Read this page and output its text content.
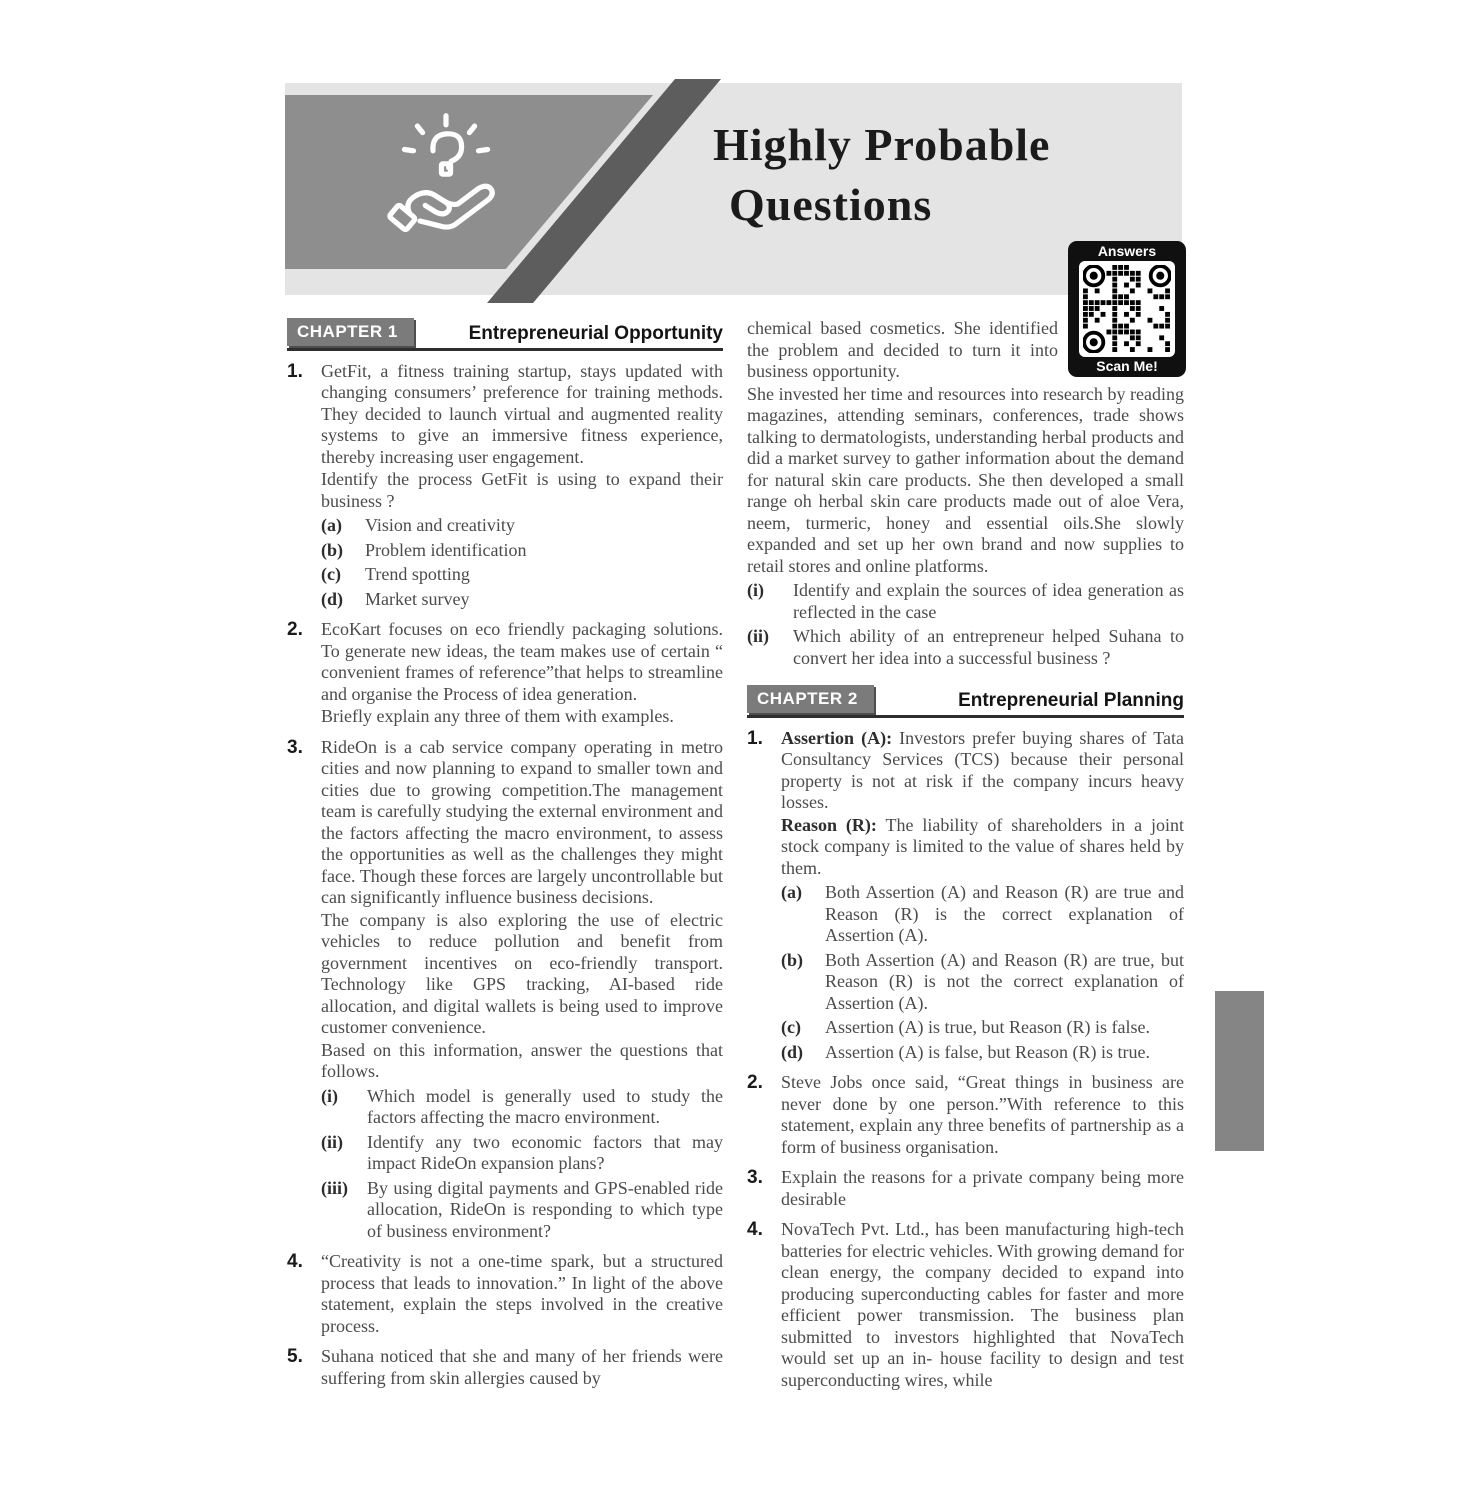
Highly Probable
Questions
Answers
Scan Me!
CHAPTER 1	Entrepreneurial Opportunity
1.	GetFit, a fitness training startup, stays updated with changing consumers’ preference for training methods. They decided to launch virtual and augmented reality systems to give an immersive fitness experience, thereby increasing user engagement.

Identify the process GetFit is using to expand their business ?

(a)	Vision and creativity
(b)	Problem identification
(c)	Trend spotting
(d)	Market survey
2.	EcoKart focuses on eco friendly packaging solutions. To generate new ideas, the team makes use of certain “ convenient frames of reference”that helps to streamline and organise the Process of idea generation.

Briefly explain any three of them with examples.

3.	RideOn is a cab service company operating in metro cities and now planning to expand to smaller town and cities due to growing competition.The management team is carefully studying the external environment and the factors affecting the macro environment, to assess the opportunities as well as the challenges they might face. Though these forces are largely uncontrollable but can significantly influence business decisions.

The company is also exploring the use of electric vehicles to reduce pollution and benefit from government incentives on eco-friendly transport. Technology like GPS tracking, AI-based ride allocation, and digital wallets is being used to improve customer convenience.

Based on this information, answer the questions that follows.

(i)	Which model is generally used to study the factors affecting the macro environment.
(ii)	Identify any two economic factors that may impact RideOn expansion plans?
(iii)	By using digital payments and GPS-enabled ride allocation, RideOn is responding to which type of business environment?
4.	“Creativity is not a one-time spark, but a structured process that leads to innovation.” In light of the above statement, explain the steps involved in the creative process.

5.	Suhana noticed that she and many of her friends were suffering from skin allergies caused by

chemical based cosmetics. She identified the problem and decided to turn it into business opportunity.

She invested her time and resources into research by reading magazines, attending seminars, conferences, trade shows talking to dermatologists, understanding herbal products and did a market survey to gather information about the demand for natural skin care products. She then developed a small range oh herbal skin care products made out of aloe Vera, neem, turmeric, honey and essential oils.She slowly expanded and set up her own brand and now supplies to retail stores and online platforms.

(i)	Identify and explain the sources of idea generation as reflected in the case
(ii)	Which ability of an entrepreneur helped Suhana to convert her idea into a successful business ?
CHAPTER 2	Entrepreneurial Planning
1.	Assertion (A): Investors prefer buying shares of Tata Consultancy Services (TCS) because their personal property is not at risk if the company incurs heavy losses.

Reason (R): The liability of shareholders in a joint stock company is limited to the value of shares held by them.

(a)	Both Assertion (A) and Reason (R) are true and Reason (R) is the correct explanation of Assertion (A).
(b)	Both Assertion (A) and Reason (R) are true, but Reason (R) is not the correct explanation of Assertion (A).
(c)	Assertion (A) is true, but Reason (R) is false.
(d)	Assertion (A) is false, but Reason (R) is true.
2.	Steve Jobs once said, “Great things in business are never done by one person.”With reference to this statement, explain any three benefits of partnership as a form of business organisation.

3.	Explain the reasons for a private company being more desirable

4.	NovaTech Pvt. Ltd., has been manufacturing high-tech batteries for electric vehicles. With growing demand for clean energy, the company decided to expand into producing superconducting cables for faster and more efficient power transmission. The business plan submitted to investors highlighted that NovaTech would set up an in- house facility to design and test superconducting wires, while
